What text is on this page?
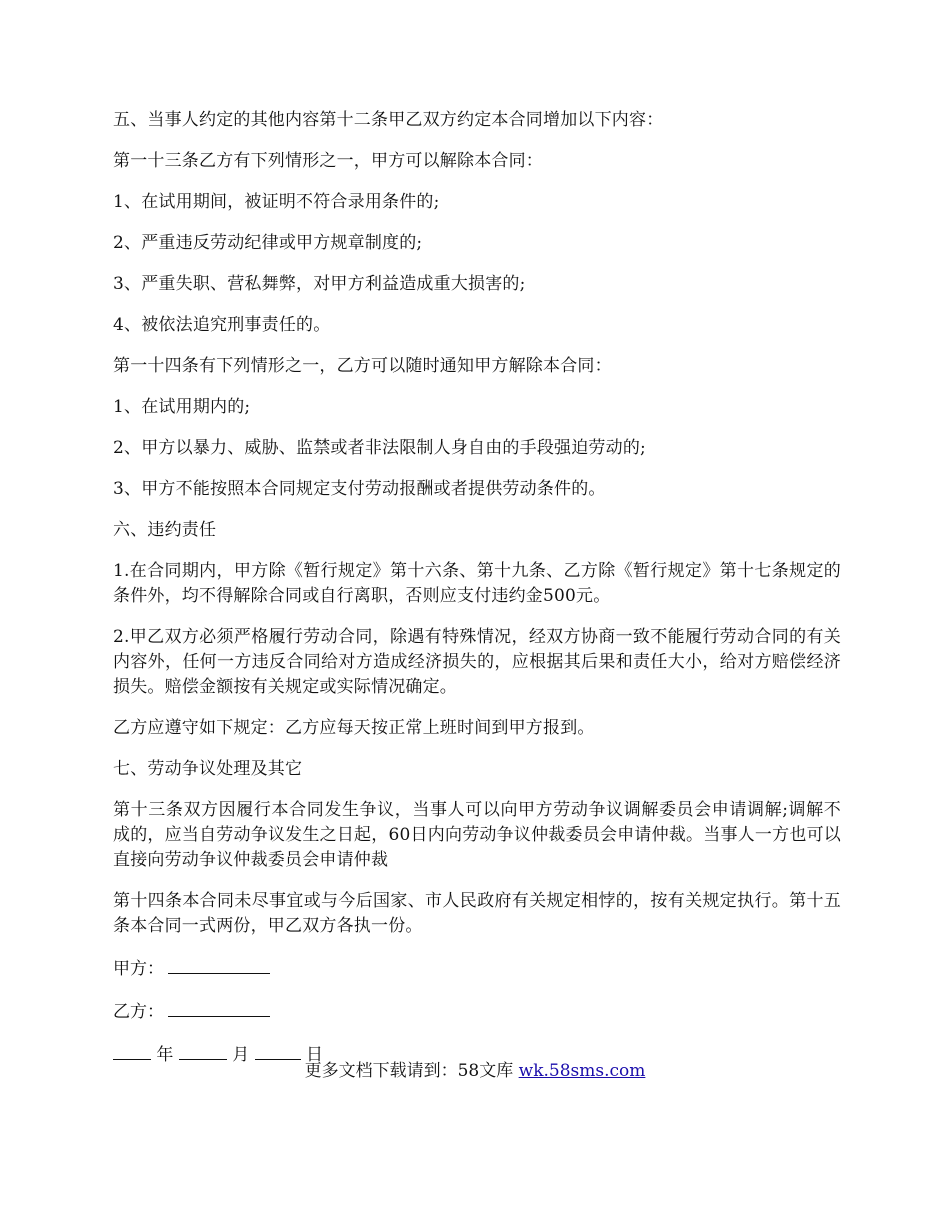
五、当事人约定的其他内容第十二条甲乙双方约定本合同增加以下内容：

第一十三条乙方有下列情形之一，甲方可以解除本合同：

1、在试用期间，被证明不符合录用条件的;

2、严重违反劳动纪律或甲方规章制度的;

3、严重失职、营私舞弊，对甲方利益造成重大损害的;

4、被依法追究刑事责任的。

第一十四条有下列情形之一，乙方可以随时通知甲方解除本合同：

1、在试用期内的;

2、甲方以暴力、威胁、监禁或者非法限制人身自由的手段强迫劳动的;

3、甲方不能按照本合同规定支付劳动报酬或者提供劳动条件的。

六、违约责任

1.在合同期内，甲方除《暂行规定》第十六条、第十九条、乙方除《暂行规定》第十七条规定的条件外，均不得解除合同或自行离职，否则应支付违约金500元。

2.甲乙双方必须严格履行劳动合同，除遇有特殊情况，经双方协商一致不能履行劳动合同的有关内容外，任何一方违反合同给对方造成经济损失的，应根据其后果和责任大小，给对方赔偿经济损失。赔偿金额按有关规定或实际情况确定。

乙方应遵守如下规定：乙方应每天按正常上班时间到甲方报到。

七、劳动争议处理及其它

第十三条双方因履行本合同发生争议，当事人可以向甲方劳动争议调解委员会申请调解;调解不成的，应当自劳动争议发生之日起，60日内向劳动争议仲裁委员会申请仲裁。当事人一方也可以直接向劳动争议仲裁委员会申请仲裁

第十四条本合同未尽事宜或与今后国家、市人民政府有关规定相悖的，按有关规定执行。第十五条本合同一式两份，甲乙双方各执一份。

甲方：
乙方：
年	月	日
更多文档下载请到：58文库 wk.58sms.com
